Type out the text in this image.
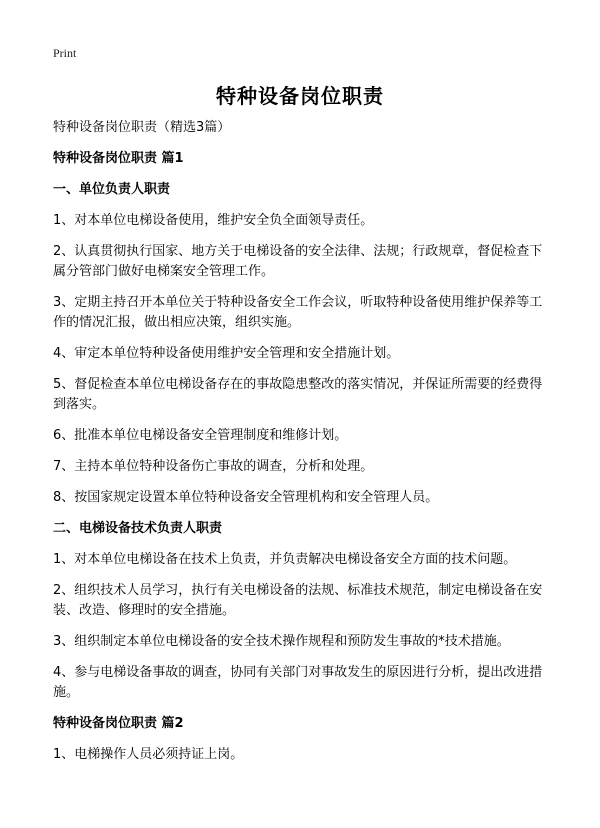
Print
特种设备岗位职责

特种设备岗位职责（精选3篇）

特种设备岗位职责 篇1

一、单位负责人职责

1、对本单位电梯设备使用，维护安全负全面领导责任。

2、认真贯彻执行国家、地方关于电梯设备的安全法律、法规；行政规章，督促检查下属分管部门做好电梯案安全管理工作。

3、定期主持召开本单位关于特种设备安全工作会议，听取特种设备使用维护保养等工作的情况汇报，做出相应决策，组织实施。

4、审定本单位特种设备使用维护安全管理和安全措施计划。

5、督促检查本单位电梯设备存在的事故隐患整改的落实情况，并保证所需要的经费得到落实。

6、批准本单位电梯设备安全管理制度和维修计划。

7、主持本单位特种设备伤亡事故的调查，分析和处理。

8、按国家规定设置本单位特种设备安全管理机构和安全管理人员。

二、电梯设备技术负责人职责

1、对本单位电梯设备在技术上负责，并负责解决电梯设备安全方面的技术问题。

2、组织技术人员学习，执行有关电梯设备的法规、标准技术规范，制定电梯设备在安装、改造、修理时的安全措施。

3、组织制定本单位电梯设备的安全技术操作规程和预防发生事故的*技术措施。

4、参与电梯设备事故的调查，协同有关部门对事故发生的原因进行分析，提出改进措施。

特种设备岗位职责 篇2

1、电梯操作人员必须持证上岗。
